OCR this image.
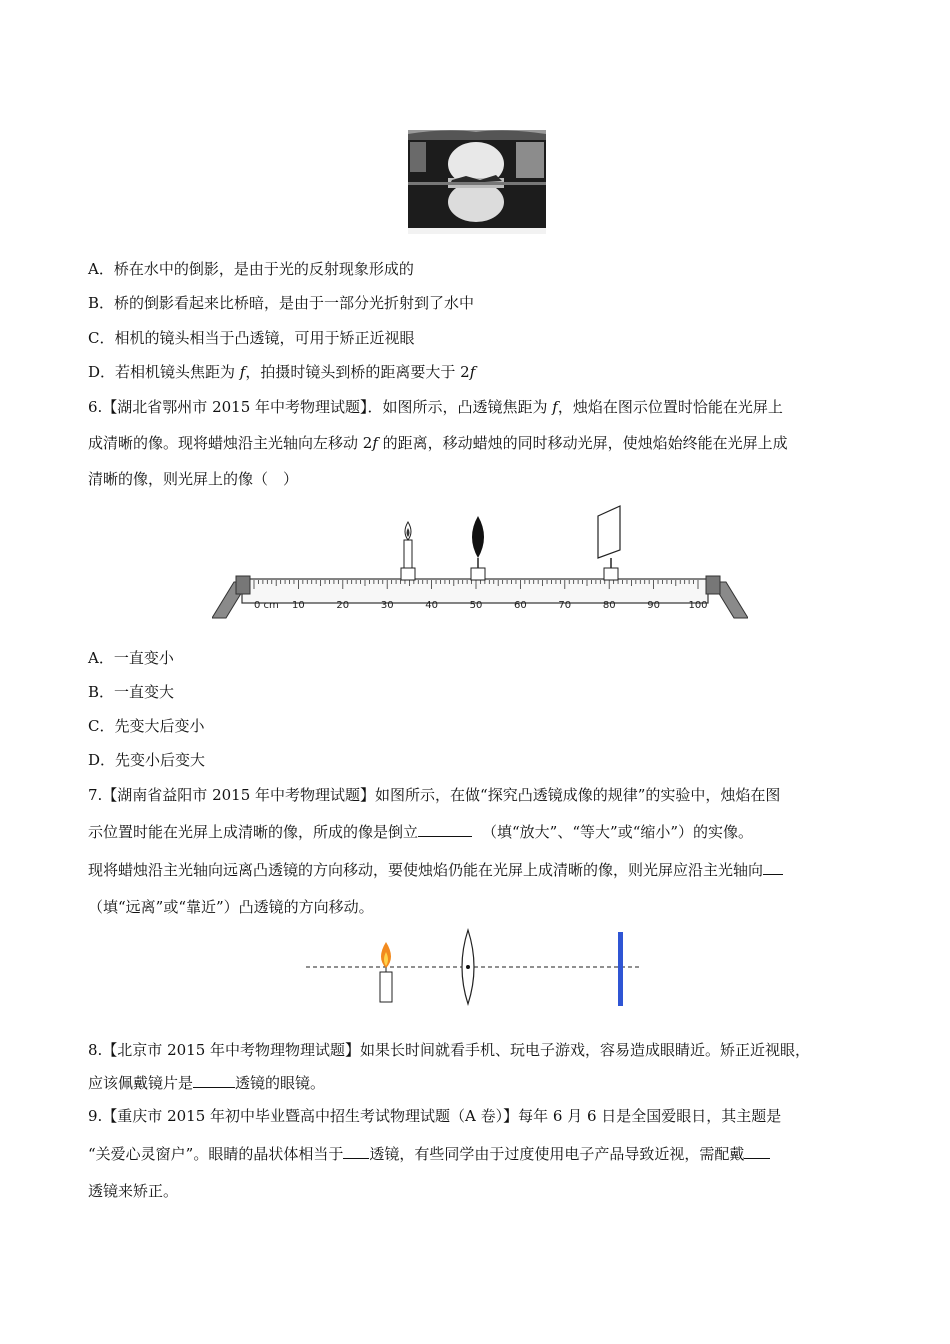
A．桥在水中的倒影，是由于光的反射现象形成的
B．桥的倒影看起来比桥暗，是由于一部分光折射到了水中
C．相机的镜头相当于凸透镜，可用于矫正近视眼
D．若相机镜头焦距为 f，拍摄时镜头到桥的距离要大于 2f
6.【湖北省鄂州市 2015 年中考物理试题】．如图所示，凸透镜焦距为 f，烛焰在图示位置时恰能在光屏上
成清晰的像。现将蜡烛沿主光轴向左移动 2f 的距离，移动蜡烛的同时移动光屏，使烛焰始终能在光屏上成
清晰的像，则光屏上的像（　）
0 cm 10	20	30	40	50	60	70	80	90	100
A．一直变小
B．一直变大
C．先变大后变小
D．先变小后变大
7.【湖南省益阳市 2015 年中考物理试题】如图所示，在做“探究凸透镜成像的规律”的实验中，烛焰在图
示位置时能在光屏上成清晰的像，所成的像是倒立	（填“放大”、“等大”或“缩小”）的实像。
现将蜡烛沿主光轴向远离凸透镜的方向移动，要使烛焰仍能在光屏上成清晰的像，则光屏应沿主光轴向
（填“远离”或“靠近”）凸透镜的方向移动。
8.【北京市 2015 年中考物理物理试题】如果长时间就看手机、玩电子游戏，容易造成眼睛近。矫正近视眼，
应该佩戴镜片是	透镜的眼镜。
9.【重庆市 2015 年初中毕业暨高中招生考试物理试题（A 卷）】每年 6 月 6 日是全国爱眼日，其主题是
“关爱心灵窗户”。眼睛的晶状体相当于 透镜，有些同学由于过度使用电子产品导致近视，需配戴
透镜来矫正。
